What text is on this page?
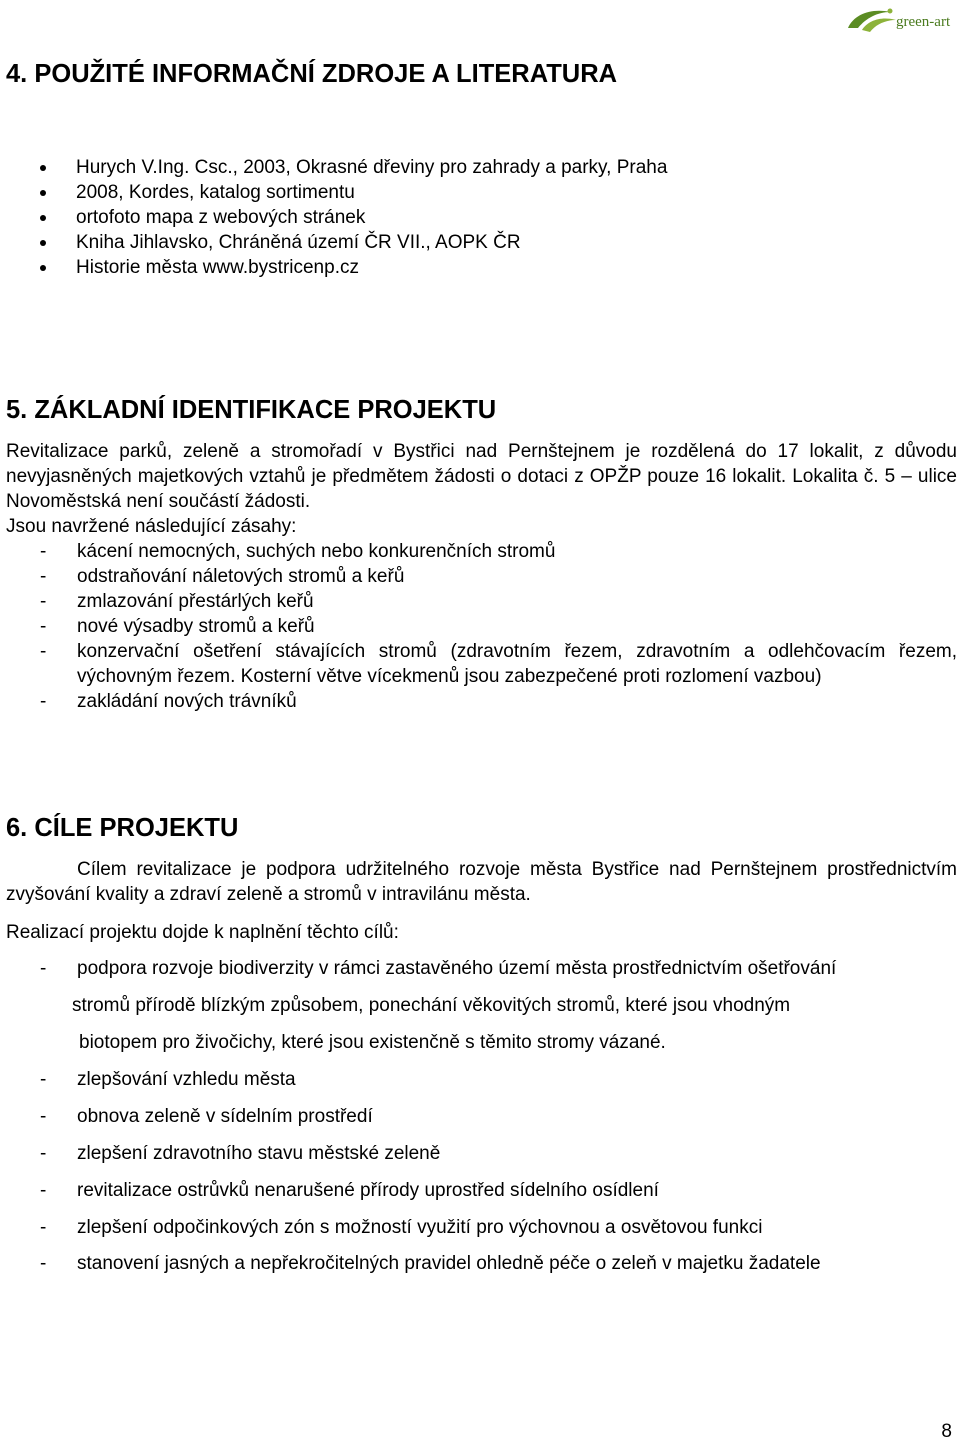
green-art
4. POUŽITÉ INFORMAČNÍ ZDROJE A LITERATURA
Hurych V.Ing. Csc., 2003, Okrasné dřeviny pro zahrady a parky, Praha
2008, Kordes, katalog sortimentu
ortofoto mapa z webových stránek
Kniha Jihlavsko, Chráněná území ČR VII., AOPK ČR
Historie města www.bystricenp.cz
5. ZÁKLADNÍ IDENTIFIKACE PROJEKTU
Revitalizace parků, zeleně a stromořadí v Bystřici nad Pernštejnem je rozdělená do 17 lokalit, z důvodu nevyjasněných majetkových vztahů je předmětem žádosti o dotaci z OPŽP pouze 16 lokalit. Lokalita č. 5 – ulice Novoměstská není součástí žádosti.
Jsou navržené následující zásahy:
- kácení nemocných, suchých nebo konkurenčních stromů
- odstraňování náletových stromů a keřů
- zmlazování přestárlých keřů
- nové výsadby stromů a keřů
- konzervační ošetření stávajících stromů (zdravotním řezem, zdravotním a odlehčovacím řezem, výchovným řezem. Kosterní větve vícekmenů jsou zabezpečené proti rozlomení vazbou)
- zakládání nových trávníků
6. CÍLE PROJEKTU
Cílem revitalizace je podpora udržitelného rozvoje města Bystřice nad Pernštejnem prostřednictvím zvyšování kvality a zdraví zeleně a stromů v intravilánu města.
Realizací projektu dojde k naplnění těchto cílů:
- podpora rozvoje biodiverzity v rámci zastavěného území města prostřednictvím ošetřování
stromů přírodě blízkým způsobem, ponechání věkovitých stromů, které jsou vhodným
biotopem pro živočichy, které jsou existenčně s těmito stromy vázané.
- zlepšování vzhledu města
- obnova zeleně v sídelním prostředí
- zlepšení zdravotního stavu městské zeleně
- revitalizace ostrůvků nenarušené přírody uprostřed sídelního osídlení
- zlepšení odpočinkových zón s možností využití pro výchovnou a osvětovou funkci
- stanovení jasných a nepřekročitelných pravidel ohledně péče o zeleň v majetku žadatele
8
